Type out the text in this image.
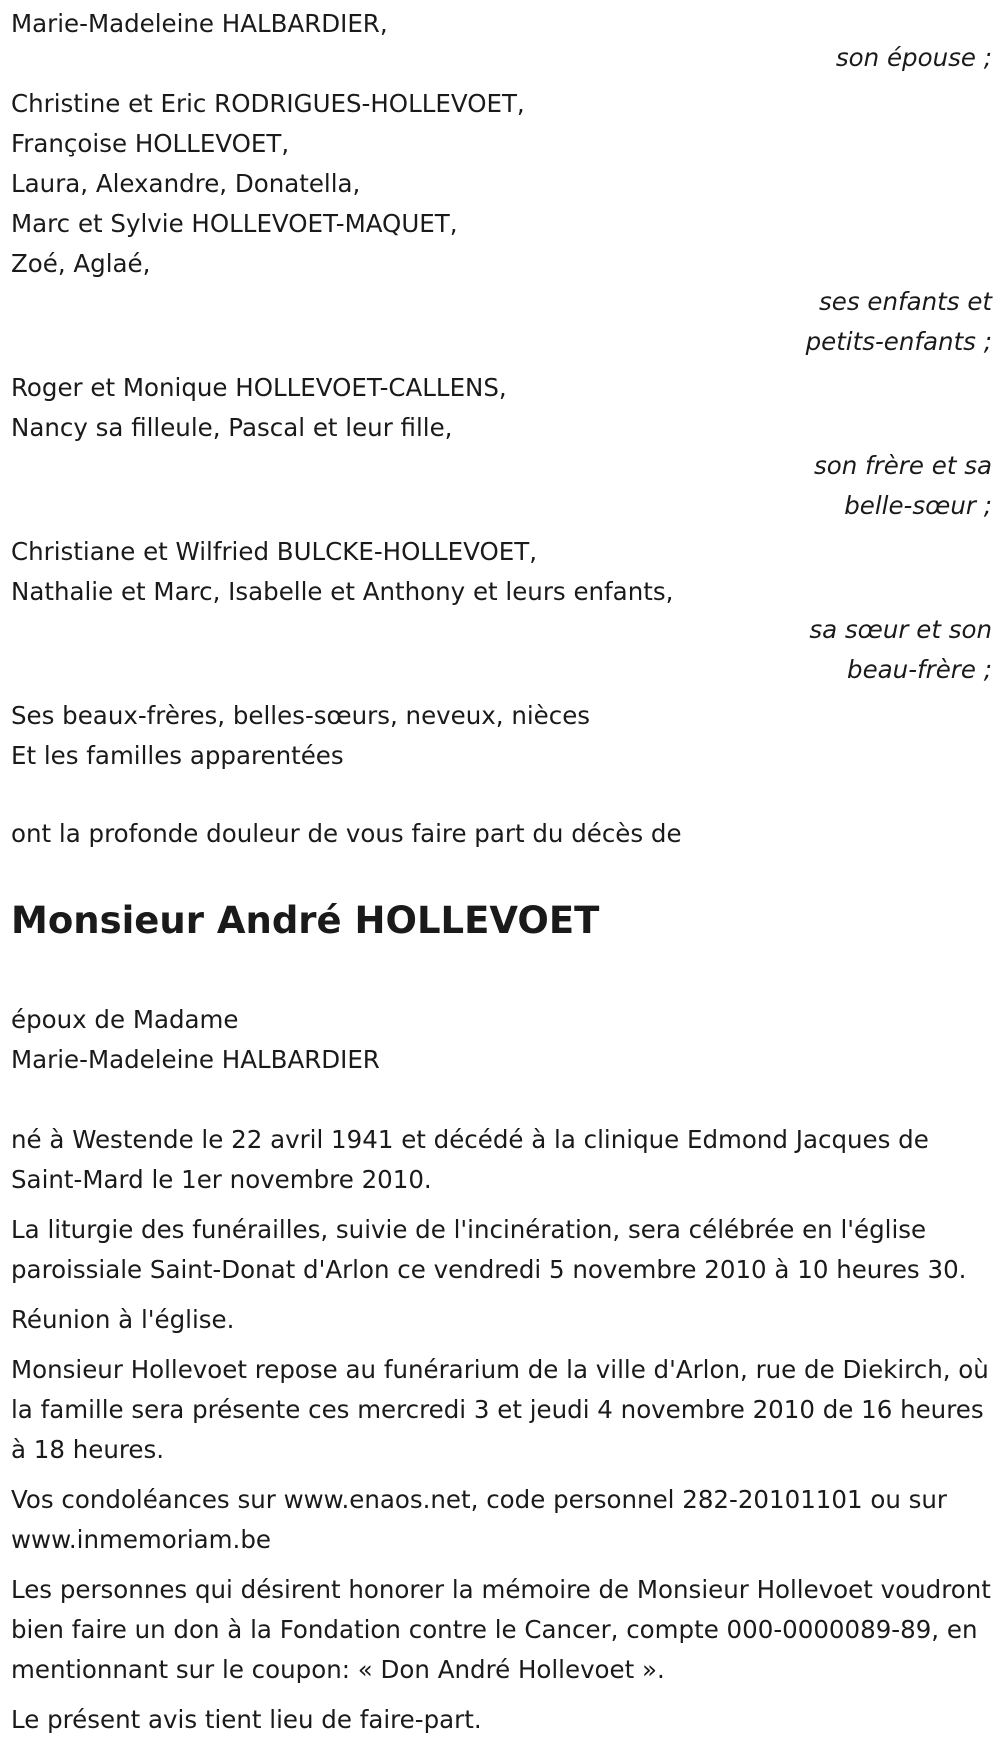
Marie-Madeleine HALBARDIER,
son épouse ;
Christine et Eric RODRIGUES-HOLLEVOET,
Françoise HOLLEVOET,
Laura, Alexandre, Donatella,
Marc et Sylvie HOLLEVOET-MAQUET,
Zoé, Aglaé,
ses enfants et
petits-enfants ;
Roger et Monique HOLLEVOET-CALLENS,
Nancy sa filleule, Pascal et leur fille,
son frère et sa
belle-sœur ;
Christiane et Wilfried BULCKE-HOLLEVOET,
Nathalie et Marc, Isabelle et Anthony et leurs enfants,
sa sœur et son
beau-frère ;
Ses beaux-frères, belles-sœurs, neveux, nièces
Et les familles apparentées
ont la profonde douleur de vous faire part du décès de
Monsieur André HOLLEVOET
époux de Madame
Marie-Madeleine HALBARDIER
né à Westende le 22 avril 1941 et décédé à la clinique Edmond Jacques de Saint-Mard le 1er novembre 2010.
La liturgie des funérailles, suivie de l'incinération, sera célébrée en l'église paroissiale Saint-Donat d'Arlon ce vendredi 5 novembre 2010 à 10 heures 30.
Réunion à l'église.
Monsieur Hollevoet repose au funérarium de la ville d'Arlon, rue de Diekirch, où la famille sera présente ces mercredi 3 et jeudi 4 novembre 2010 de 16 heures à 18 heures.
Vos condoléances sur www.enaos.net, code personnel 282-20101101 ou sur www.inmemoriam.be
Les personnes qui désirent honorer la mémoire de Monsieur Hollevoet voudront bien faire un don à la Fondation contre le Cancer, compte 000-0000089-89, en mentionnant sur le coupon: « Don André Hollevoet ».
Le présent avis tient lieu de faire-part.
